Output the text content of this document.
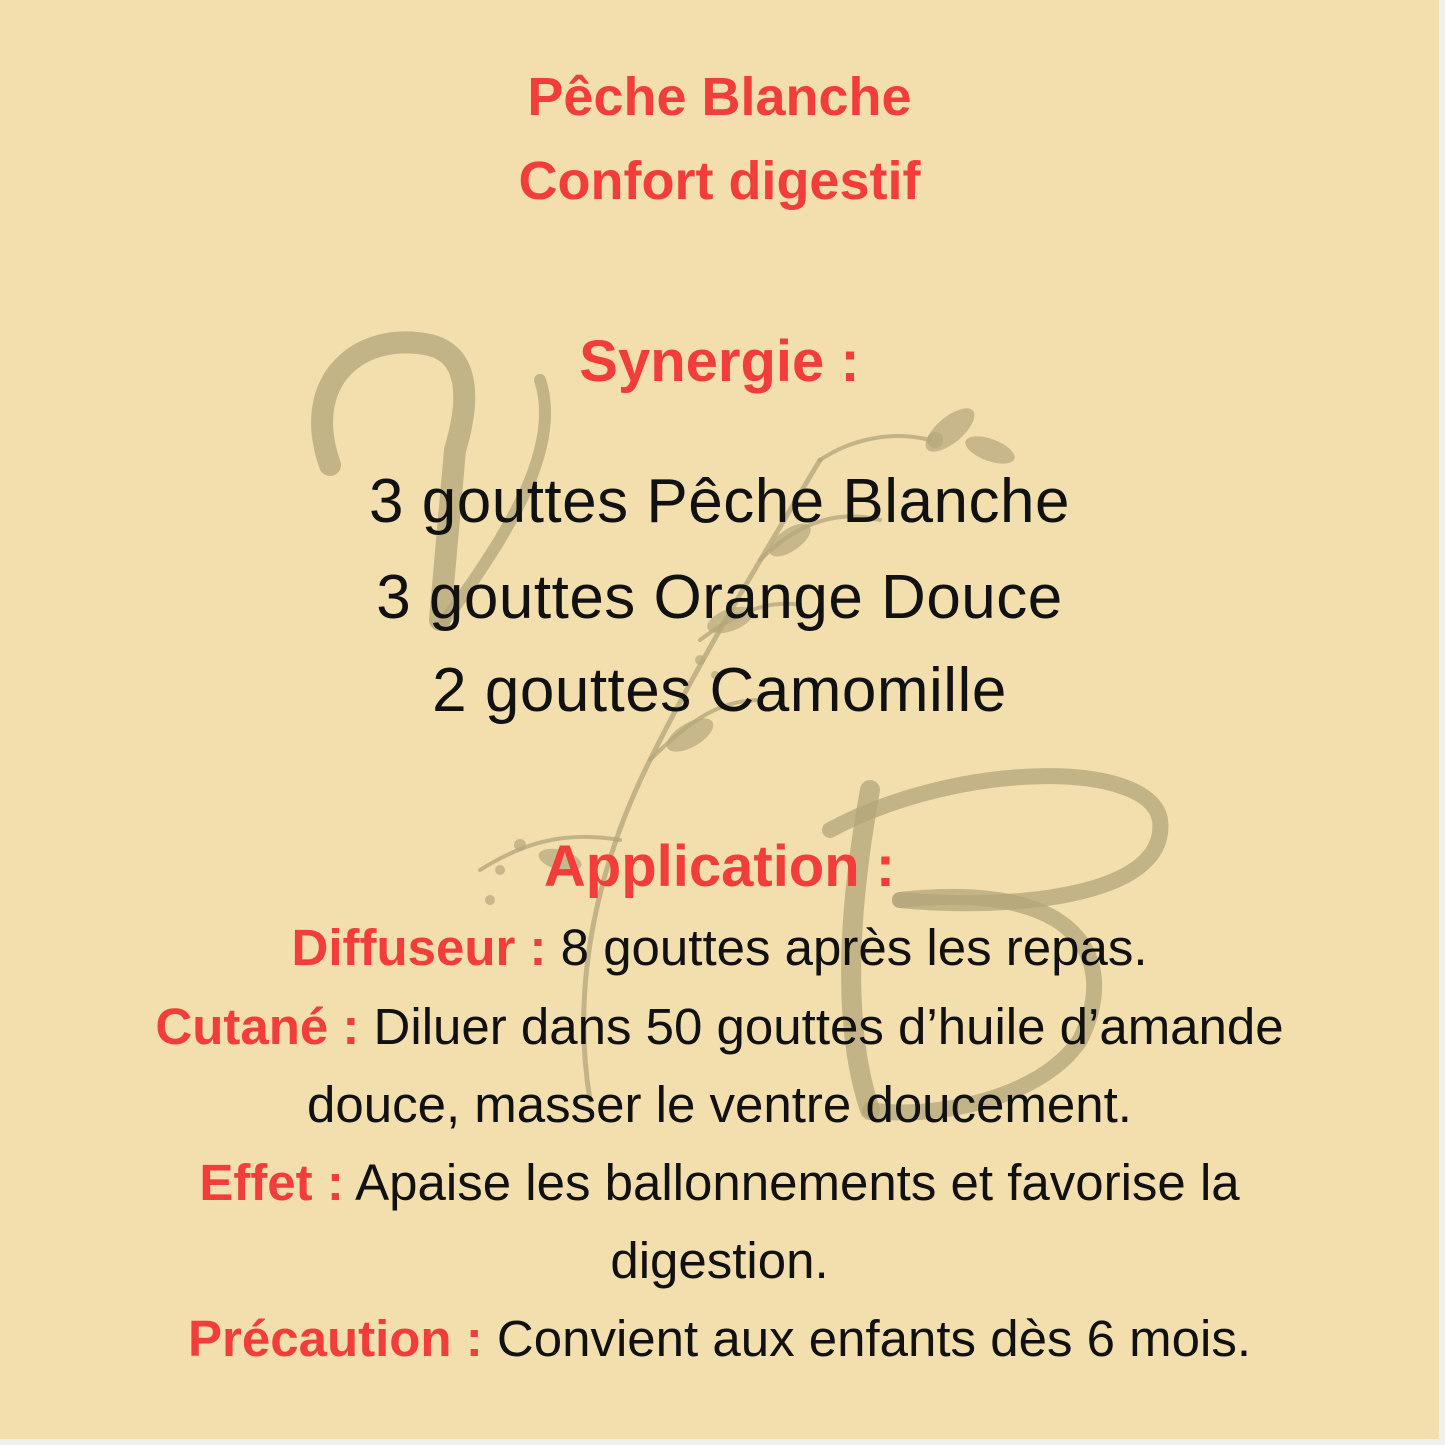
Pêche Blanche
Confort digestif
Synergie :
3 gouttes Pêche Blanche
3 gouttes Orange Douce
2 gouttes Camomille
Application :
Diffuseur : 8 gouttes après les repas.
Cutané : Diluer dans 50 gouttes d’huile d’amande
douce, masser le ventre doucement.
Effet : Apaise les ballonnements et favorise la
digestion.
Précaution : Convient aux enfants dès 6 mois.
